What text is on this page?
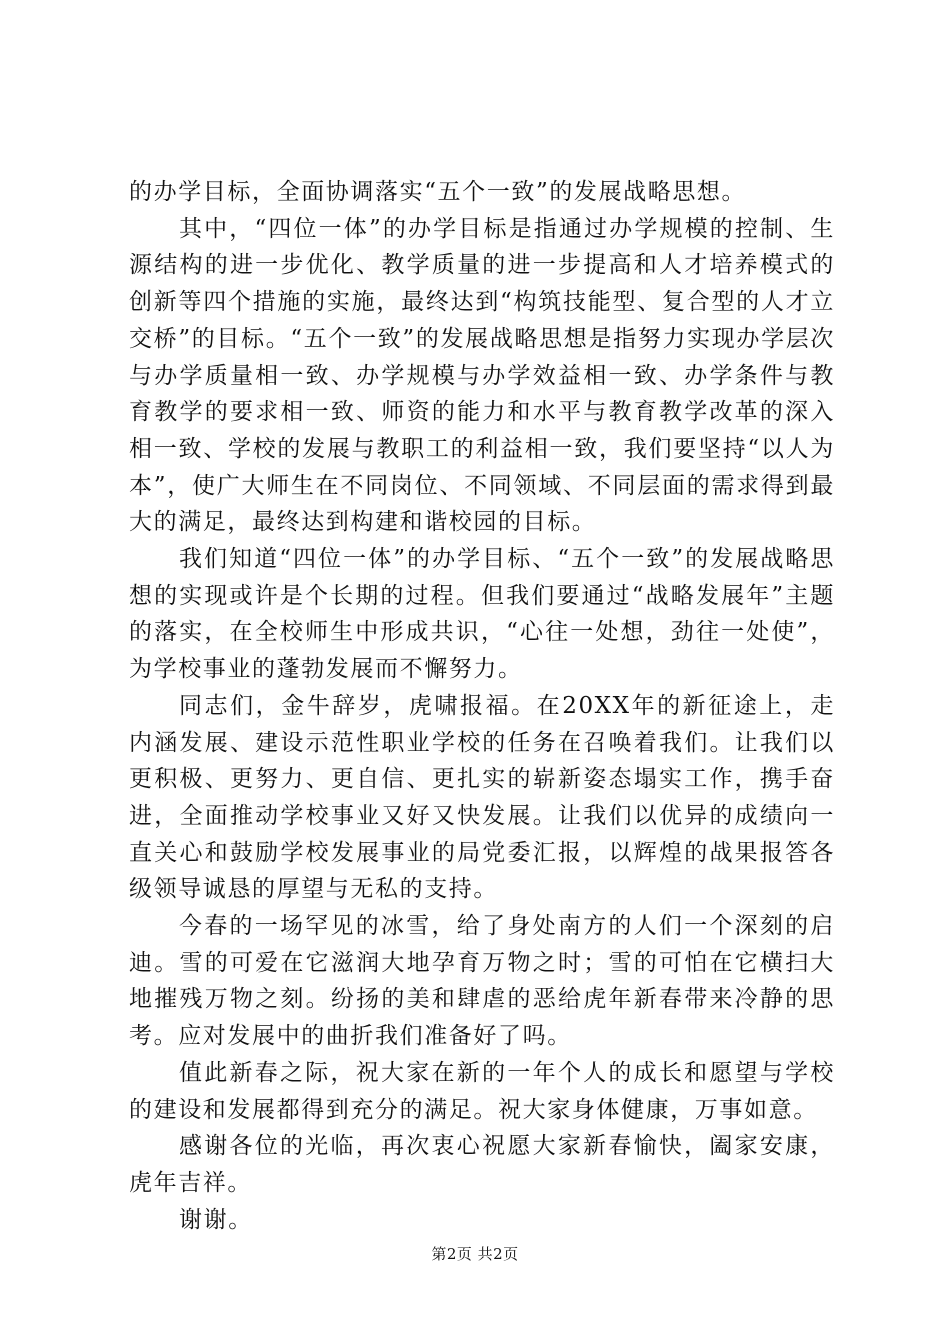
的办学目标，全面协调落实“五个一致”的发展战略思想。

其中，“四位一体”的办学目标是指通过办学规模的控制、生源结构的进一步优化、教学质量的进一步提高和人才培养模式的创新等四个措施的实施，最终达到“构筑技能型、复合型的人才立交桥”的目标。“五个一致”的发展战略思想是指努力实现办学层次与办学质量相一致、办学规模与办学效益相一致、办学条件与教育教学的要求相一致、师资的能力和水平与教育教学改革的深入相一致、学校的发展与教职工的利益相一致，我们要坚持“以人为本”，使广大师生在不同岗位、不同领域、不同层面的需求得到最大的满足，最终达到构建和谐校园的目标。

我们知道“四位一体”的办学目标、“五个一致”的发展战略思想的实现或许是个长期的过程。但我们要通过“战略发展年”主题的落实，在全校师生中形成共识，“心往一处想，劲往一处使”，为学校事业的蓬勃发展而不懈努力。

同志们，金牛辞岁，虎啸报福。在20XX年的新征途上，走内涵发展、建设示范性职业学校的任务在召唤着我们。让我们以更积极、更努力、更自信、更扎实的崭新姿态塌实工作，携手奋进，全面推动学校事业又好又快发展。让我们以优异的成绩向一直关心和鼓励学校发展事业的局党委汇报，以辉煌的战果报答各级领导诚恳的厚望与无私的支持。

今春的一场罕见的冰雪，给了身处南方的人们一个深刻的启迪。雪的可爱在它滋润大地孕育万物之时；雪的可怕在它横扫大地摧残万物之刻。纷扬的美和肆虐的恶给虎年新春带来冷静的思考。应对发展中的曲折我们准备好了吗。

值此新春之际，祝大家在新的一年个人的成长和愿望与学校的建设和发展都得到充分的满足。祝大家身体健康，万事如意。

感谢各位的光临，再次衷心祝愿大家新春愉快，阖家安康，虎年吉祥。

谢谢。

第2页 共2页
